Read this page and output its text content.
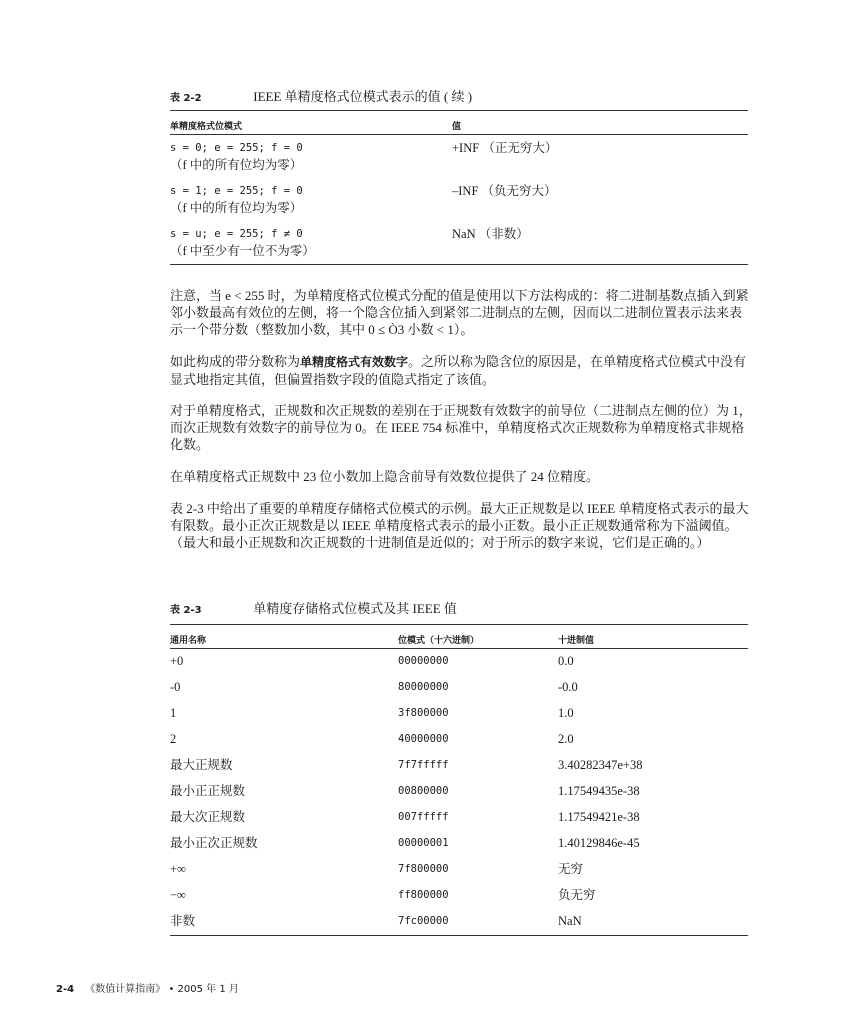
表 2-2	IEEE 单精度格式位模式表示的值 ( 续 )
单精度格式位模式	值

s = 0; e = 255; f = 0
（f 中的所有位均为零）	+INF （正无穷大）

s = 1; e = 255; f = 0
（f 中的所有位均为零）	–INF （负无穷大）

s = u; e = 255; f ≠ 0
（f 中至少有一位不为零）	NaN （非数）

注意，当 e < 255 时，为单精度格式位模式分配的值是使用以下方法构成的：将二进制基数点插入到紧邻小数最高有效位的左侧，将一个隐含位插入到紧邻二进制点的左侧，因而以二进制位置表示法来表示一个带分数（整数加小数，其中 0 ≤ Ò3 小数 < 1）。

如此构成的带分数称为单精度格式有效数字。之所以称为隐含位的原因是，在单精度格式位模式中没有显式地指定其值，但偏置指数字段的值隐式指定了该值。

对于单精度格式，正规数和次正规数的差别在于正规数有效数字的前导位（二进制点左侧的位）为 1，而次正规数有效数字的前导位为 0。在 IEEE 754 标准中，单精度格式次正规数称为单精度格式非规格化数。

在单精度格式正规数中 23 位小数加上隐含前导有效数位提供了 24 位精度。

表 2-3 中给出了重要的单精度存储格式位模式的示例。最大正正规数是以 IEEE 单精度格式表示的最大有限数。最小正次正规数是以 IEEE 单精度格式表示的最小正数。最小正正规数通常称为下溢阈值。（最大和最小正规数和次正规数的十进制值是近似的；对于所示的数字来说，它们是正确的。）

表 2-3	单精度存储格式位模式及其 IEEE 值
通用名称	位模式（十六进制）	十进制值
+0	00000000	0.0
-0	80000000	-0.0
1	3f800000	1.0
2	40000000	2.0
最大正规数	7f7fffff	3.40282347e+38
最小正正规数	00800000	1.17549435e-38
最大次正规数	007fffff	1.17549421e-38
最小正次正规数	00000001	1.40129846e-45
+∞	7f800000	无穷
−∞	ff800000	负无穷
非数	7fc00000	NaN
2-4 《数值计算指南》 • 2005 年 1 月
